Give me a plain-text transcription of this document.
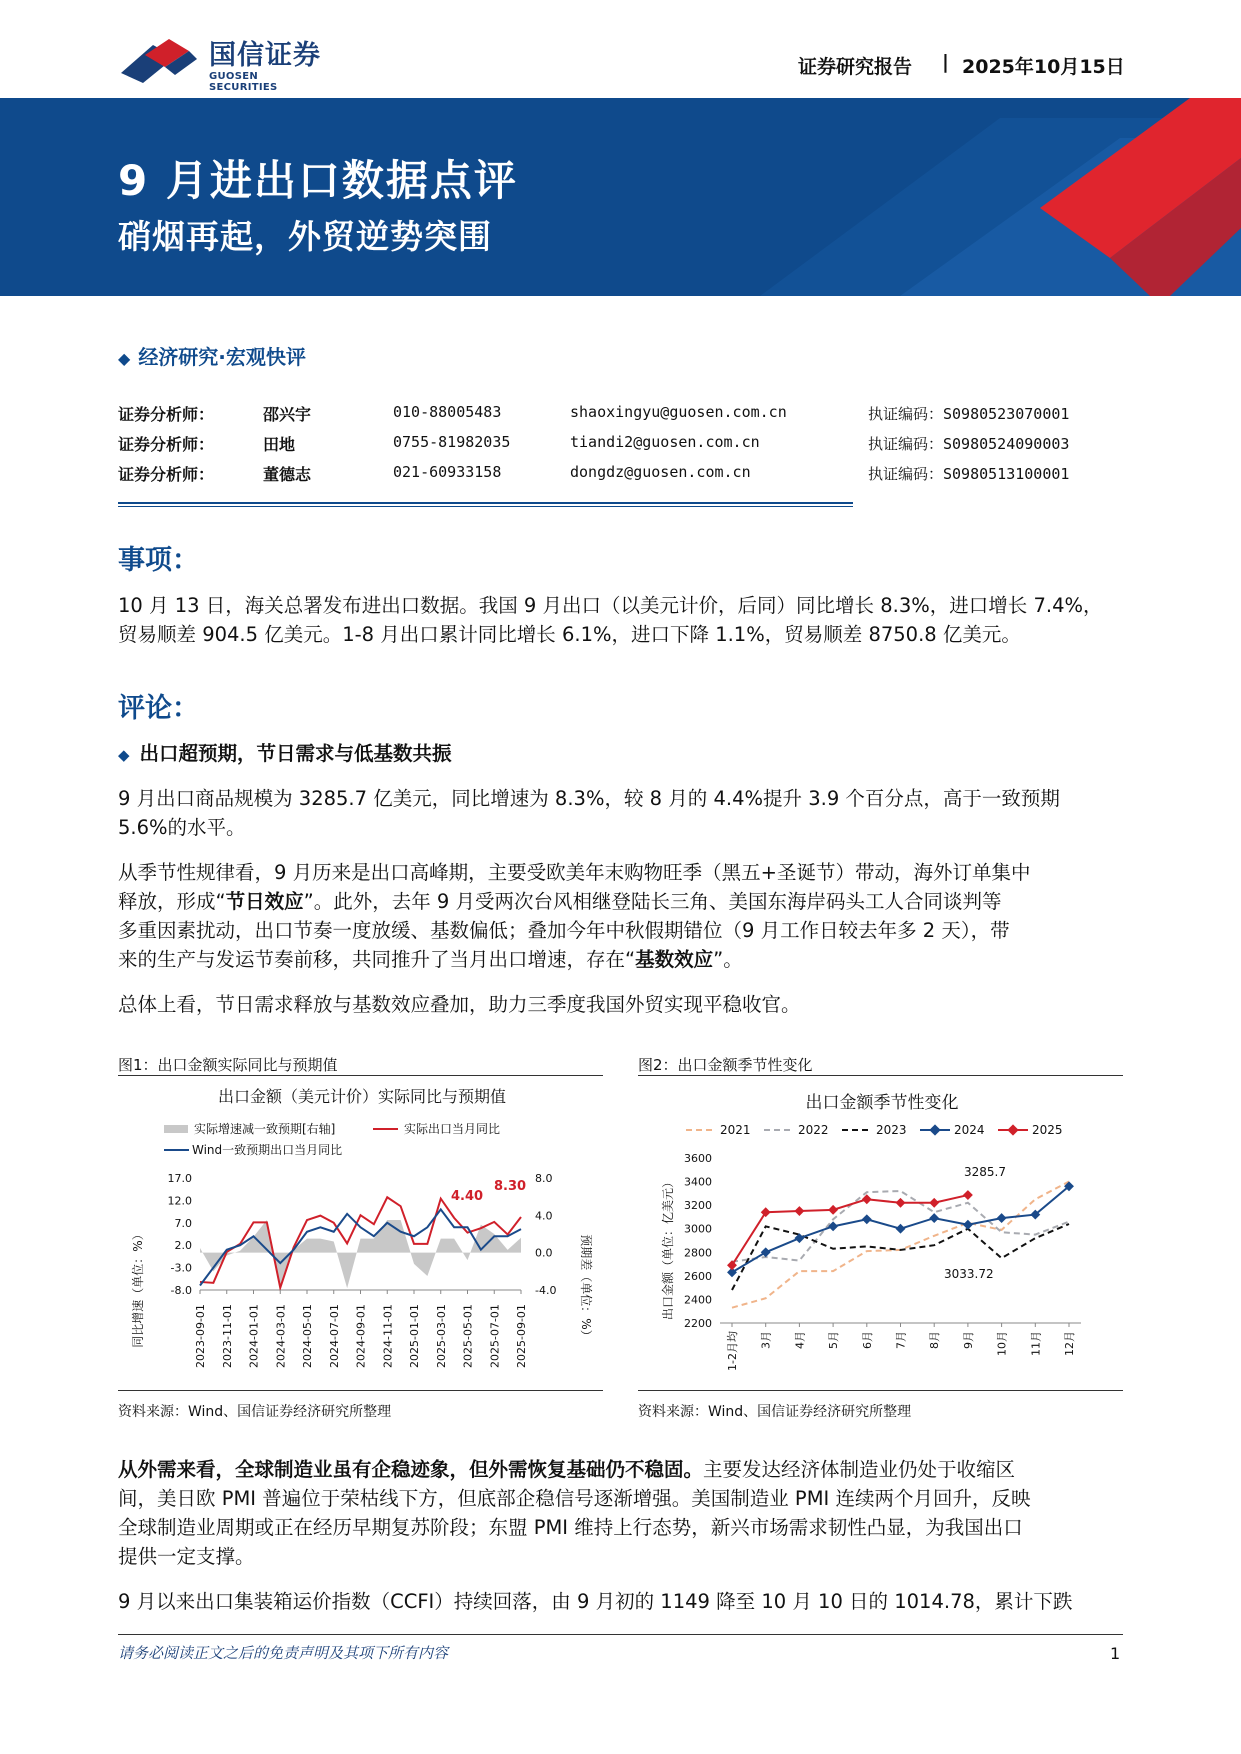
国信证券
GUOSEN SECURITIES
证券研究报告 | 2025年10月15日
9 月进出口数据点评
硝烟再起，外贸逆势突围
◆ 经济研究·宏观快评
证券分析师：	邵兴宇	010-88005483	shaoxingyu@guosen.com.cn	执证编码：S0980523070001
证券分析师：	田地	0755-81982035	tiandi2@guosen.com.cn	执证编码：S0980524090003
证券分析师：	董德志	021-60933158	dongdz@guosen.com.cn	执证编码：S0980513100001
事项：
10 月 13 日，海关总署发布进出口数据。我国 9 月出口（以美元计价，后同）同比增长 8.3%，进口增长 7.4%，
贸易顺差 904.5 亿美元。1-8 月出口累计同比增长 6.1%，进口下降 1.1%，贸易顺差 8750.8 亿美元。
评论：
◆ 出口超预期，节日需求与低基数共振
9 月出口商品规模为 3285.7 亿美元，同比增速为 8.3%，较 8 月的 4.4%提升 3.9 个百分点，高于一致预期
5.6%的水平。
从季节性规律看，9 月历来是出口高峰期，主要受欧美年末购物旺季（黑五+圣诞节）带动，海外订单集中
释放，形成“节日效应”。此外，去年 9 月受两次台风相继登陆长三角、美国东海岸码头工人合同谈判等
多重因素扰动，出口节奏一度放缓、基数偏低；叠加今年中秋假期错位（9 月工作日较去年多 2 天），带
来的生产与发运节奏前移，共同推升了当月出口增速，存在“基数效应”。
总体上看，节日需求释放与基数效应叠加，助力三季度我国外贸实现平稳收官。
图1：出口金额实际同比与预期值	图2：出口金额季节性变化
出口金额（美元计价）实际同比与预期值
实际增速减一致预期[右轴]	实际出口当月同比
Wind一致预期出口当月同比
同比增速（单位：%）	预期差（单位：%）
17.0
12.0
7.0
2.0
-3.0
-8.0
8.0
4.0
0.0
-4.0
2023-09-01 2023-11-01 2024-01-01 2024-03-01 2024-05-01 2024-07-01 2024-09-01 2024-11-01 2025-01-01 2025-03-01 2025-05-01 2025-07-01 2025-09-01
4.40
8.30
出口金额季节性变化
2021	2022	2023	2024	2025
出口金额（单位：亿美元）
3600
3400
3200
3000
2800
2600
2400
2200
1-2月均 3月 4月 5月 6月 7月 8月 9月 10月 11月 12月
3285.7
3033.72
资料来源：Wind、国信证券经济研究所整理	资料来源：Wind、国信证券经济研究所整理
从外需来看，全球制造业虽有企稳迹象，但外需恢复基础仍不稳固。主要发达经济体制造业仍处于收缩区
间，美日欧 PMI 普遍位于荣枯线下方，但底部企稳信号逐渐增强。美国制造业 PMI 连续两个月回升，反映
全球制造业周期或正在经历早期复苏阶段；东盟 PMI 维持上行态势，新兴市场需求韧性凸显，为我国出口
提供一定支撑。
9 月以来出口集装箱运价指数（CCFI）持续回落，由 9 月初的 1149 降至 10 月 10 日的 1014.78，累计下跌
请务必阅读正文之后的免责声明及其项下所有内容	1
